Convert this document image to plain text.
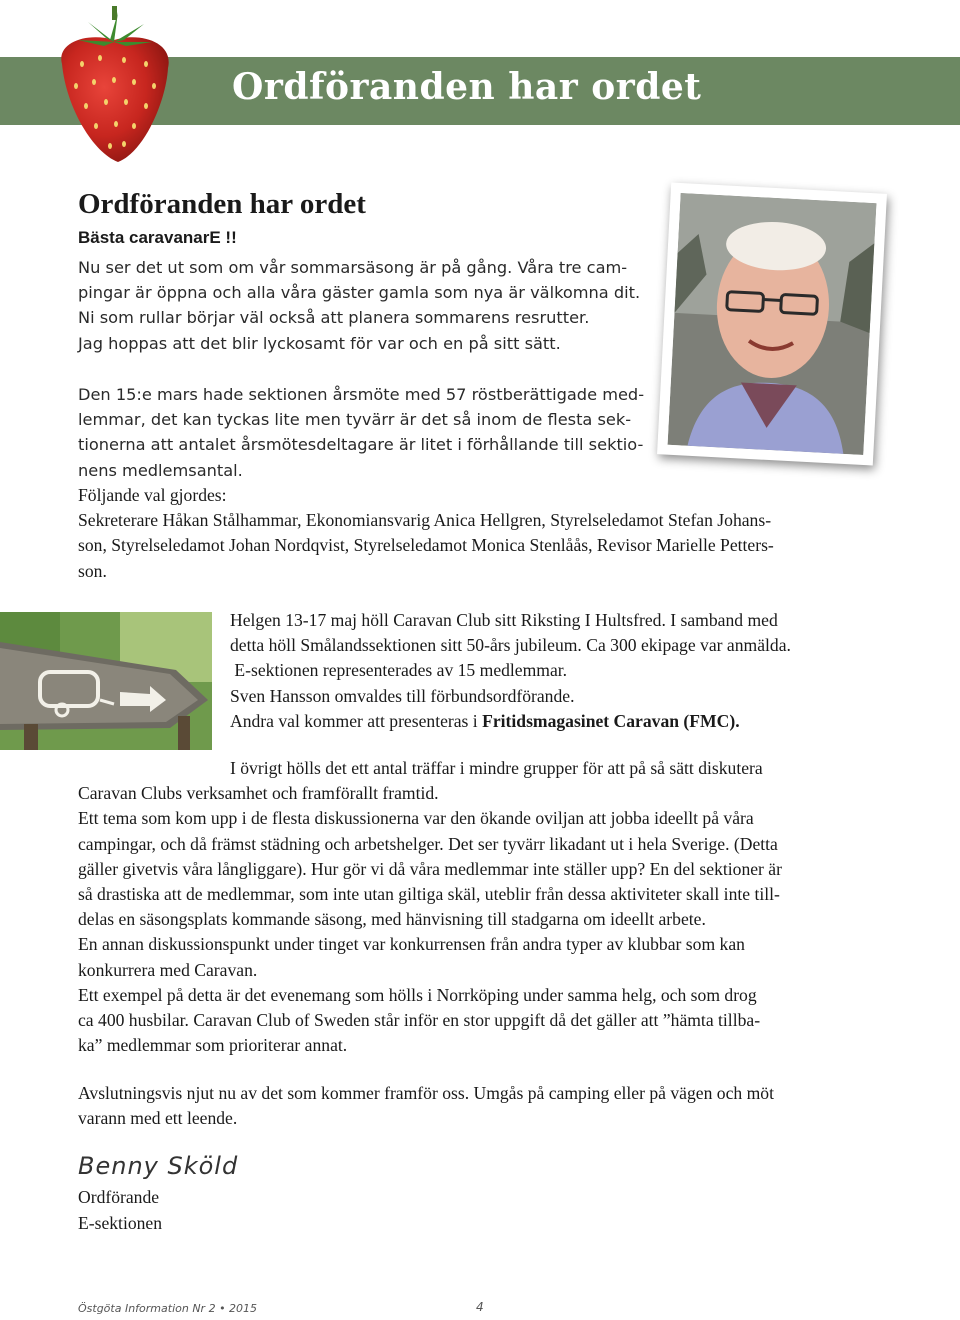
Ordföranden har ordet
Ordföranden har ordet
Bästa caravanarE !!
Nu ser det ut som om vår sommarsäsong är på gång. Våra tre cam-
pingar är öppna och alla våra gäster gamla som nya är välkomna dit.
Ni som rullar börjar väl också att planera sommarens resrutter.
Jag hoppas att det blir lyckosamt för var och en på sitt sätt.
Den 15:e mars hade sektionen årsmöte med 57 röstberättigade med-
lemmar, det kan tyckas lite men tyvärr är det så inom de flesta sek-
tionerna att antalet årsmötesdeltagare är litet i förhållande till sektio-
nens medlemsantal.
Följande val gjordes:
Sekreterare Håkan Stålhammar, Ekonomiansvarig Anica Hellgren, Styrelseledamot Stefan Johans-
son, Styrelseledamot Johan Nordqvist, Styrelseledamot Monica Stenlåås, Revisor Marielle Petters-
son.

Helgen 13-17 maj höll Caravan Club sitt Riksting I Hultsfred. I samband med

detta höll Smålandssektionen sitt 50-års jubileum. Ca 300 ekipage var anmälda.

E-sektionen representerades av 15 medlemmar.

Sven Hansson omvaldes till förbundsordförande.

Andra val kommer att presenteras i Fritidsmagasinet Caravan (FMC).

I övrigt hölls det ett antal träffar i mindre grupper för att på så sätt diskutera
Caravan Clubs verksamhet och framförallt framtid.
Ett tema som kom upp i de flesta diskussionerna var den ökande oviljan att jobba ideellt på våra
campingar, och då främst städning och arbetshelger. Det ser tyvärr likadant ut i hela Sverige. (Detta
gäller givetvis våra långliggare). Hur gör vi då våra medlemmar inte ställer upp? En del sektioner är
så drastiska att de medlemmar, som inte utan giltiga skäl, uteblir från dessa aktiviteter skall inte till-
delas en säsongsplats kommande säsong, med hänvisning till stadgarna om ideellt arbete.
En annan diskussionspunkt under tinget var konkurrensen från andra typer av klubbar som kan
konkurrera med Caravan.
Ett exempel på detta är det evenemang som hölls i Norrköping under samma helg, och som drog
ca 400 husbilar. Caravan Club of Sweden står inför en stor uppgift då det gäller att ”hämta tillba-
ka” medlemmar som prioriterar annat.
Avslutningsvis njut nu av det som kommer framför oss. Umgås på camping eller på vägen och möt
varann med ett leende.
Benny Sköld
Ordförande
E-sektionen
Östgöta Information Nr 2 • 2015	4
